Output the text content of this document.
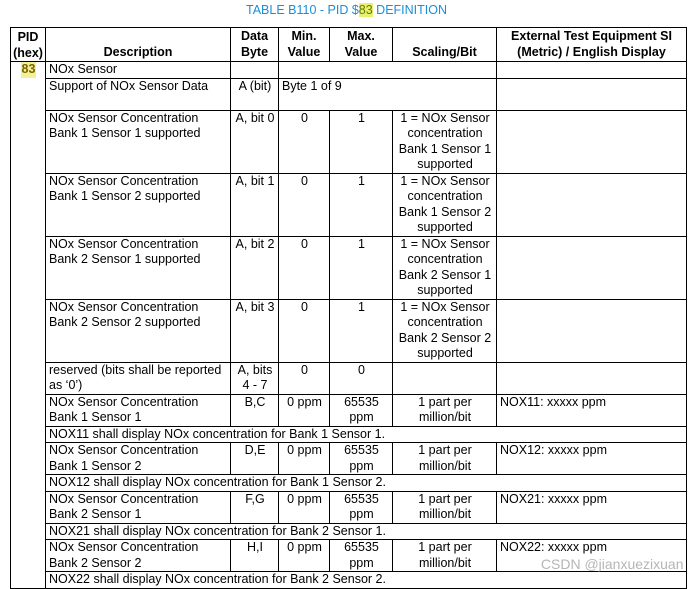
TABLE B110 - PID $83 DEFINITION
PID (hex)	Description	Data Byte	Min. Value	Max. Value	Scaling/Bit	External Test Equipment SI (Metric) / English Display
83	NOx Sensor					
	Support of NOx Sensor Data	A (bit)	Byte 1 of 9			
	NOx Sensor Concentration Bank 1 Sensor 1 supported	A, bit 0	0	1	1 = NOx Sensor concentration Bank 1 Sensor 1 supported	
	NOx Sensor Concentration Bank 1 Sensor 2 supported	A, bit 1	0	1	1 = NOx Sensor concentration Bank 1 Sensor 2 supported	
	NOx Sensor Concentration Bank 2 Sensor 1 supported	A, bit 2	0	1	1 = NOx Sensor concentration Bank 2 Sensor 1 supported	
	NOx Sensor Concentration Bank 2 Sensor 2 supported	A, bit 3	0	1	1 = NOx Sensor concentration Bank 2 Sensor 2 supported	
	reserved (bits shall be reported as ‘0’)	A, bits 4 - 7	0	0		
	NOx Sensor Concentration Bank 1 Sensor 1	B,C	0 ppm	65535 ppm	1 part per million/bit	NOX11: xxxxx ppm
	NOX11 shall display NOx concentration for Bank 1 Sensor 1.					
	NOx Sensor Concentration Bank 1 Sensor 2	D,E	0 ppm	65535 ppm	1 part per million/bit	NOX12: xxxxx ppm
	NOX12 shall display NOx concentration for Bank 1 Sensor 2.					
	NOx Sensor Concentration Bank 2 Sensor 1	F,G	0 ppm	65535 ppm	1 part per million/bit	NOX21: xxxxx ppm
	NOX21 shall display NOx concentration for Bank 2 Sensor 1.					
	NOx Sensor Concentration Bank 2 Sensor 2	H,I	0 ppm	65535 ppm	1 part per million/bit	NOX22: xxxxx ppm
	NOX22 shall display NOx concentration for Bank 2 Sensor 2.					
CSDN @jianxuezixuan
